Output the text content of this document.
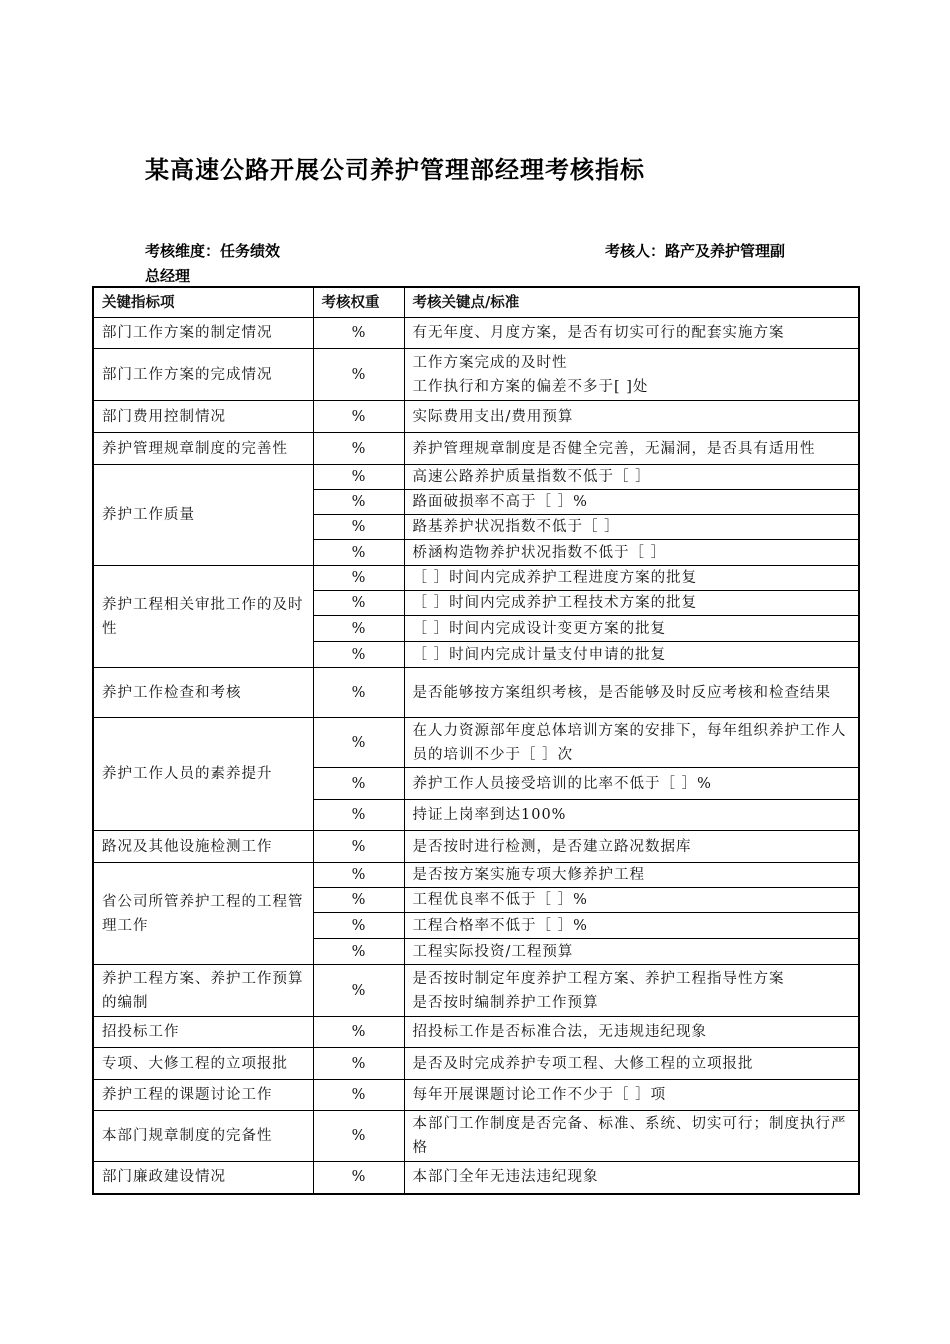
某高速公路开展公司养护管理部经理考核指标
考核维度：任务绩效	考核人：路产及养护管理副
总经理
关键指标项	考核权重	考核关键点/标准
部门工作方案的制定情况	%	有无年度、月度方案，是否有切实可行的配套实施方案

部门工作方案的完成情况	%	工作方案完成的及时性
工作执行和方案的偏差不多于[ ]处

部门费用控制情况	%	实际费用支出/费用预算

养护管理规章制度的完善性	%	养护管理规章制度是否健全完善，无漏洞，是否具有适用性

养护工作质量	%	高速公路养护质量指数不低于［ ］

	%	路面破损率不高于［ ］%

	%	路基养护状况指数不低于［ ］

	%	桥涵构造物养护状况指数不低于［ ］

养护工程相关审批工作的及时性	%	［ ］时间内完成养护工程进度方案的批复

	%	［ ］时间内完成养护工程技术方案的批复

	%	［ ］时间内完成设计变更方案的批复

	%	［ ］时间内完成计量支付申请的批复

养护工作检查和考核	%	是否能够按方案组织考核，是否能够及时反应考核和检查结果

养护工作人员的素养提升	%	在人力资源部年度总体培训方案的安排下，每年组织养护工作人员的培训不少于［ ］次

	%	养护工作人员接受培训的比率不低于［ ］%

	%	持证上岗率到达100%

路况及其他设施检测工作	%	是否按时进行检测，是否建立路况数据库

省公司所管养护工程的工程管理工作	%	是否按方案实施专项大修养护工程

	%	工程优良率不低于［ ］%

	%	工程合格率不低于［ ］%

	%	工程实际投资/工程预算

养护工程方案、养护工作预算的编制	%	是否按时制定年度养护工程方案、养护工程指导性方案
是否按时编制养护工作预算

招投标工作	%	招投标工作是否标准合法，无违规违纪现象

专项、大修工程的立项报批	%	是否及时完成养护专项工程、大修工程的立项报批

养护工程的课题讨论工作	%	每年开展课题讨论工作不少于［ ］项

本部门规章制度的完备性	%	本部门工作制度是否完备、标准、系统、切实可行；制度执行严格

部门廉政建设情况	%	本部门全年无违法违纪现象
